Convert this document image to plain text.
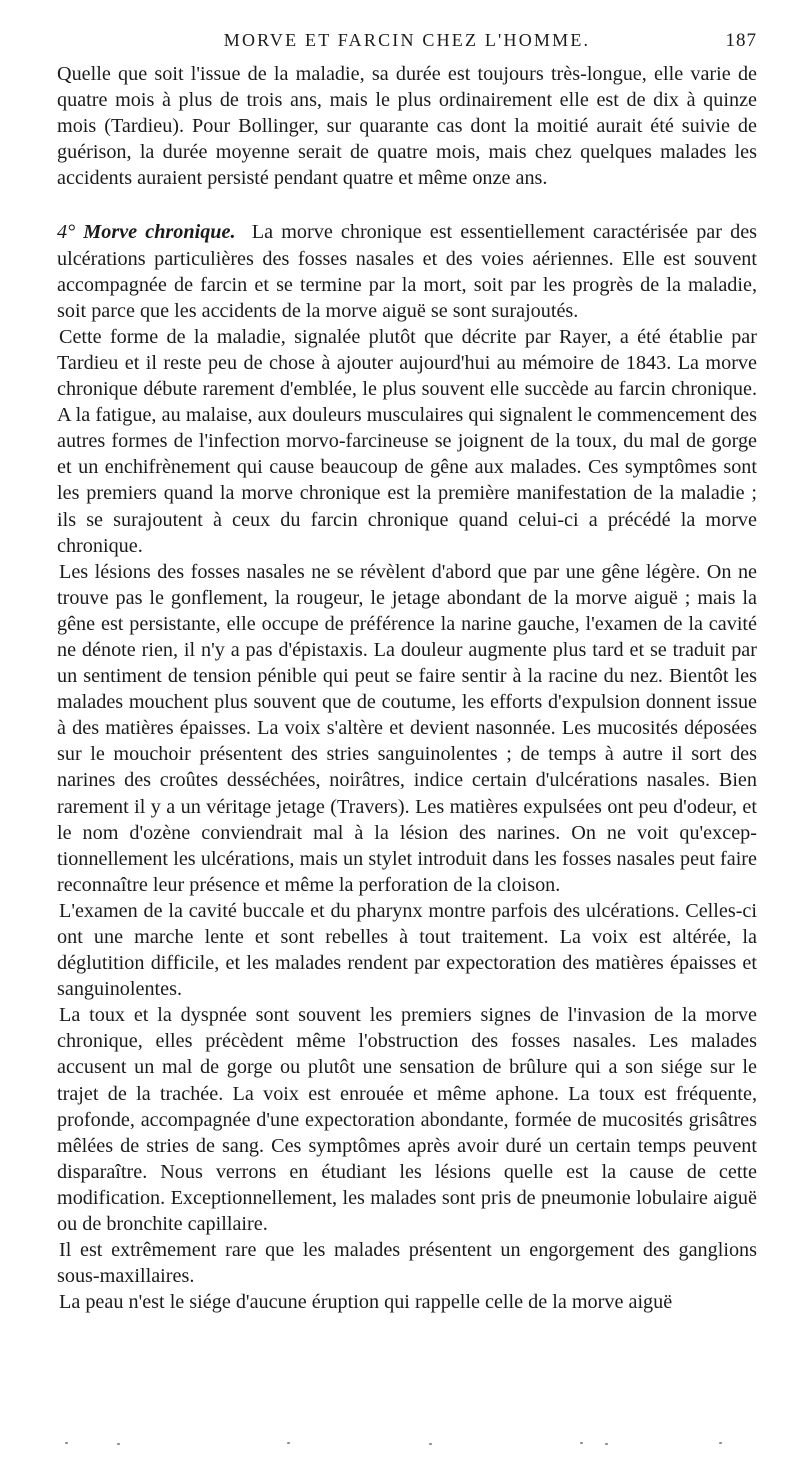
MORVE ET FARCIN CHEZ L'HOMME.	187

Quelle que soit l'issue de la maladie, sa durée est toujours très-longue, elle varie de quatre mois à plus de trois ans, mais le plus ordinairement elle est de dix à quinze mois (Tardieu). Pour Bollinger, sur quarante cas dont la moitié aurait été suivie de guérison, la durée moyenne serait de quatre mois, mais chez quelques malades les accidents auraient persisté pendant quatre et même onze ans.

4° Morve chronique. La morve chronique est essentiellement caractérisée par des ulcérations particulières des fosses nasales et des voies aériennes. Elle est souvent accompagnée de farcin et se termine par la mort, soit par les progrès de la maladie, soit parce que les accidents de la morve aiguë se sont surajoutés.

Cette forme de la maladie, signalée plutôt que décrite par Rayer, a été établie par Tardieu et il reste peu de chose à ajouter aujourd'hui au mémoire de 1843. La morve chronique débute rarement d'emblée, le plus souvent elle succède au farcin chronique. A la fatigue, au malaise, aux douleurs musculaires qui signalent le commencement des autres formes de l'infection morvo-farcineuse se joignent de la toux, du mal de gorge et un enchifrènement qui cause beaucoup de gêne aux malades. Ces symptômes sont les premiers quand la morve chronique est la première manifestation de la maladie ; ils se surajoutent à ceux du farcin chronique quand celui-ci a précédé la morve chronique.

Les lésions des fosses nasales ne se révèlent d'abord que par une gêne légère. On ne trouve pas le gonflement, la rougeur, le jetage abondant de la morve aiguë ; mais la gêne est persistante, elle occupe de préférence la narine gauche, l'examen de la cavité ne dénote rien, il n'y a pas d'épistaxis. La douleur augmente plus tard et se traduit par un sentiment de tension pénible qui peut se faire sentir à la racine du nez. Bientôt les malades mouchent plus souvent que de coutume, les efforts d'expulsion donnent issue à des matières épaisses. La voix s'altère et devient nasonnée. Les mucosités déposées sur le mouchoir présentent des stries sanguinolentes ; de temps à autre il sort des narines des croûtes desséchées, noirâtres, indice certain d'ulcérations nasales. Bien rarement il y a un véritage jetage (Travers). Les matières expulsées ont peu d'odeur, et le nom d'ozène conviendrait mal à la lésion des narines. On ne voit qu'exceptionnellement les ulcérations, mais un stylet introduit dans les fosses nasales peut faire reconnaître leur présence et même la perforation de la cloison.

L'examen de la cavité buccale et du pharynx montre parfois des ulcérations. Celles-ci ont une marche lente et sont rebelles à tout traitement. La voix est altérée, la déglutition difficile, et les malades rendent par expectoration des matières épaisses et sanguinolentes.

La toux et la dyspnée sont souvent les premiers signes de l'invasion de la morve chronique, elles précèdent même l'obstruction des fosses nasales. Les malades accusent un mal de gorge ou plutôt une sensation de brûlure qui a son siége sur le trajet de la trachée. La voix est enrouée et même aphone. La toux est fréquente, profonde, accompagnée d'une expectoration abondante, formée de mucosités grisâtres mêlées de stries de sang. Ces symptômes après avoir duré un certain temps peuvent disparaître. Nous verrons en étudiant les lésions quelle est la cause de cette modification. Exceptionnellement, les malades sont pris de pneumonie lobulaire aiguë ou de bronchite capillaire.

Il est extrêmement rare que les malades présentent un engorgement des ganglions sous-maxillaires.

La peau n'est le siége d'aucune éruption qui rappelle celle de la morve aiguë
